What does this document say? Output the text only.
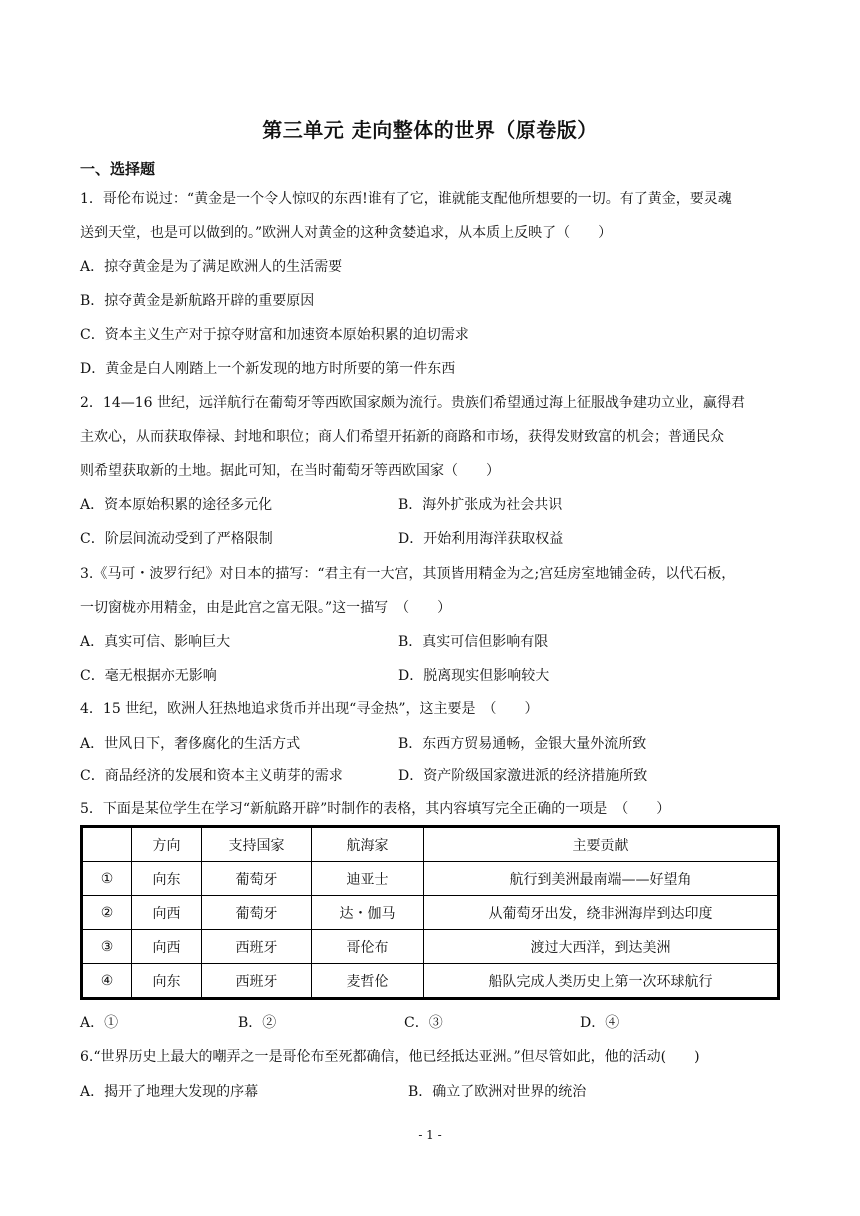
第三单元 走向整体的世界（原卷版）
一、选择题
1．哥伦布说过：“黄金是一个令人惊叹的东西!谁有了它，谁就能支配他所想要的一切。有了黄金，要灵魂
送到天堂，也是可以做到的。”欧洲人对黄金的这种贪婪追求，从本质上反映了（　　）
A．掠夺黄金是为了满足欧洲人的生活需要
B．掠夺黄金是新航路开辟的重要原因
C．资本主义生产对于掠夺财富和加速资本原始积累的迫切需求
D．黄金是白人刚踏上一个新发现的地方时所要的第一件东西
2．14—16 世纪，远洋航行在葡萄牙等西欧国家颇为流行。贵族们希望通过海上征服战争建功立业，赢得君
主欢心，从而获取俸禄、封地和职位；商人们希望开拓新的商路和市场，获得发财致富的机会；普通民众
则希望获取新的土地。据此可知，在当时葡萄牙等西欧国家（　　）
A．资本原始积累的途径多元化	B．海外扩张成为社会共识
C．阶层间流动受到了严格限制	D．开始利用海洋获取权益
3.《马可・波罗行纪》对日本的描写：“君主有一大宫，其顶皆用精金为之;宫廷房室地铺金砖，以代石板，
一切窗栊亦用精金，由是此宫之富无限。”这一描写　（　　）
A．真实可信、影响巨大	B．真实可信但影响有限
C．毫无根据亦无影响	D．脱离现实但影响较大
4．15 世纪，欧洲人狂热地追求货币并出现“寻金热”，这主要是　（　　）
A．世风日下，奢侈腐化的生活方式	B．东西方贸易通畅，金银大量外流所致
C．商品经济的发展和资本主义萌芽的需求	D．资产阶级国家激进派的经济措施所致
5．下面是某位学生在学习“新航路开辟”时制作的表格，其内容填写完全正确的一项是　（　　）
	方向	支持国家	航海家	主要贡献
①	向东	葡萄牙	迪亚士	航行到美洲最南端——好望角
②	向西	葡萄牙	达・伽马	从葡萄牙出发，绕非洲海岸到达印度
③	向西	西班牙	哥伦布	渡过大西洋，到达美洲
④	向东	西班牙	麦哲伦	船队完成人类历史上第一次环球航行
A．①	B．②	C．③	D．④
6.“世界历史上最大的嘲弄之一是哥伦布至死都确信，他已经抵达亚洲。”但尽管如此，他的活动(　　)
A．揭开了地理大发现的序幕	B．确立了欧洲对世界的统治
- 1 -
